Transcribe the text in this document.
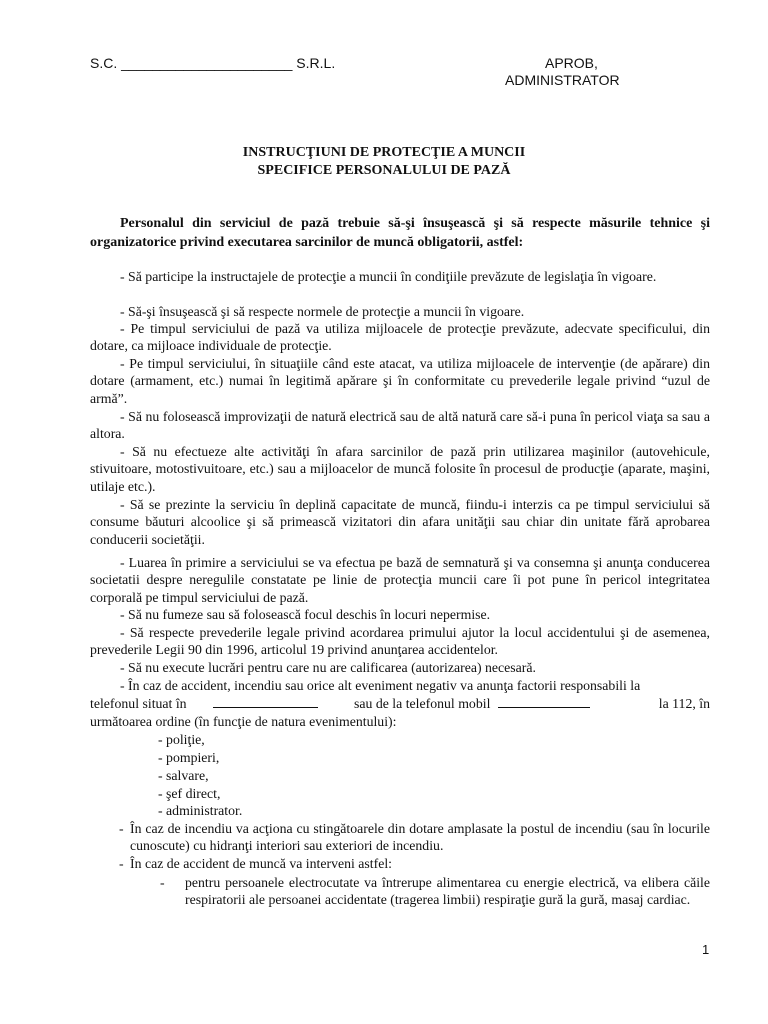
S.C. ______________________ S.R.L.	APROB,
ADMINISTRATOR
INSTRUCŢIUNI DE PROTECŢIE A MUNCII
SPECIFICE PERSONALULUI DE PAZĂ
Personalul din serviciul de pază trebuie să-şi însuşească şi să respecte măsurile tehnice şi organizatorice privind executarea sarcinilor de muncă obligatorii, astfel:
- Să participe la instructajele de protecţie a muncii în condiţiile prevăzute de legislaţia în vigoare.
- Să-şi însuşească şi să respecte normele de protecţie a muncii în vigoare.
- Pe timpul serviciului de pază va utiliza mijloacele de protecţie prevăzute, adecvate specificului, din dotare, ca mijloace individuale de protecţie.
- Pe timpul serviciului, în situaţiile când este atacat, va utiliza mijloacele de intervenţie (de apărare) din dotare (armament, etc.) numai în legitimă apărare şi în conformitate cu prevederile legale privind “uzul de armă”.
- Să nu folosească improvizaţii de natură electrică sau de altă natură care să-i puna în pericol viaţa sa sau a altora.
- Să nu efectueze alte activităţi în afara sarcinilor de pază prin utilizarea maşinilor (autovehicule, stivuitoare, motostivuitoare, etc.) sau a mijloacelor de muncă folosite în procesul de producţie (aparate, maşini, utilaje etc.).
- Să se prezinte la serviciu în deplină capacitate de muncă, fiindu-i interzis ca pe timpul serviciului să consume băuturi alcoolice şi să primească vizitatori din afara unităţii sau chiar din unitate fără aprobarea conducerii societăţii.
- Luarea în primire a serviciului se va efectua pe bază de semnatură şi va consemna şi anunţa conducerea societatii despre neregulile constatate pe linie de protecţia muncii care îi pot pune în pericol integritatea corporală pe timpul serviciului de pază.
- Să nu fumeze sau să folosească focul deschis în locuri nepermise.
- Să respecte prevederile legale privind acordarea primului ajutor la locul accidentului şi de asemenea, prevederile Legii 90 din 1996, articolul 19 privind anunţarea accidentelor.
- Să nu execute lucrări pentru care nu are calificarea (autorizarea) necesară.
- În caz de accident, incendiu sau orice alt eveniment negativ va anunţa factorii responsabili la
telefonul situat în	sau de la telefonul mobil	la 112, în
următoarea ordine (în funcţie de natura evenimentului):
- poliţie,
- pompieri,
- salvare,
- şef direct,
- administrator.
- În caz de incendiu va acţiona cu stingătoarele din dotare amplasate la postul de incendiu (sau în locurile cunoscute) cu hidranţi interiori sau exteriori de incendiu.
- În caz de accident de muncă va interveni astfel:
- pentru persoanele electrocutate va întrerupe alimentarea cu energie electrică, va elibera căile respiratorii ale persoanei accidentate (tragerea limbii) respiraţie gură la gură, masaj cardiac.
1
